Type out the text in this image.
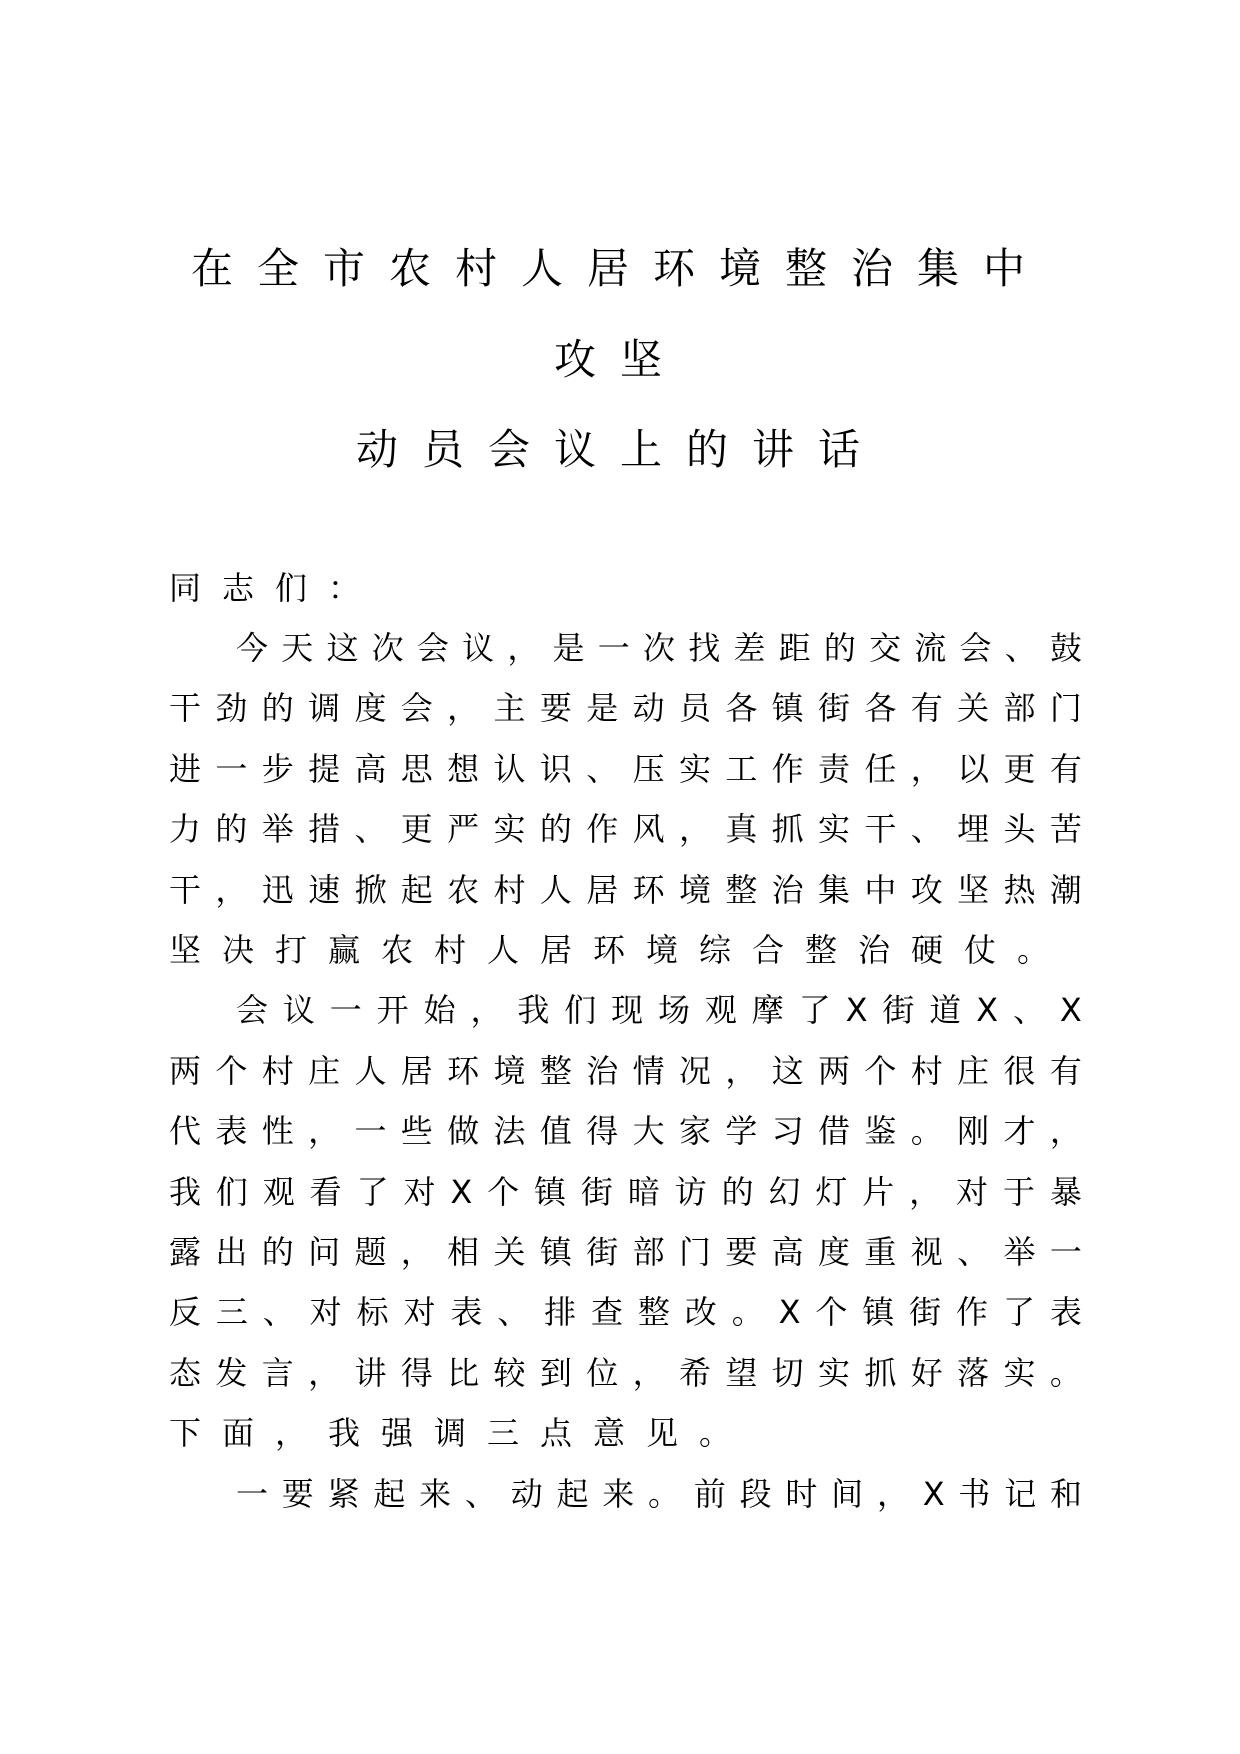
在全市农村人居环境整治集中
攻坚
动员会议上的讲话
同志们：
今 天 这 次 会 议 ， 是 一 次 找 差 距 的 交 流 会 、 鼓
干 劲 的 调 度 会 ， 主 要 是 动 员 各 镇 街 各 有 关 部 门
进 一 步 提 高 思 想 认 识 、 压 实 工 作 责 任 ， 以 更 有
力 的 举 措 、 更 严 实 的 作 风 ， 真 抓 实 干 、 埋 头 苦
干 ， 迅 速 掀 起 农 村 人 居 环 境 整 治 集 中 攻 坚 热 潮
坚决打赢农村人居环境综合整治硬仗。
会 议 一 开 始 ， 我 们 现 场 观 摩 了 X 街 道 X 、 X
两 个 村 庄 人 居 环 境 整 治 情 况 ， 这 两 个 村 庄 很 有
代 表 性 ， 一 些 做 法 值 得 大 家 学 习 借 鉴 。 刚 才 ，
我 们 观 看 了 对 X 个 镇 街 暗 访 的 幻 灯 片 ， 对 于 暴
露 出 的 问 题 ， 相 关 镇 街 部 门 要 高 度 重 视 、 举 一
反 三 、 对 标 对 表 、 排 查 整 改 。 X 个 镇 街 作 了 表
态 发 言 ， 讲 得 比 较 到 位 ， 希 望 切 实 抓 好 落 实 。
下面，我强调三点意见。
一 要 紧 起 来 、 动 起 来 。 前 段 时 间 ， X 书 记 和
